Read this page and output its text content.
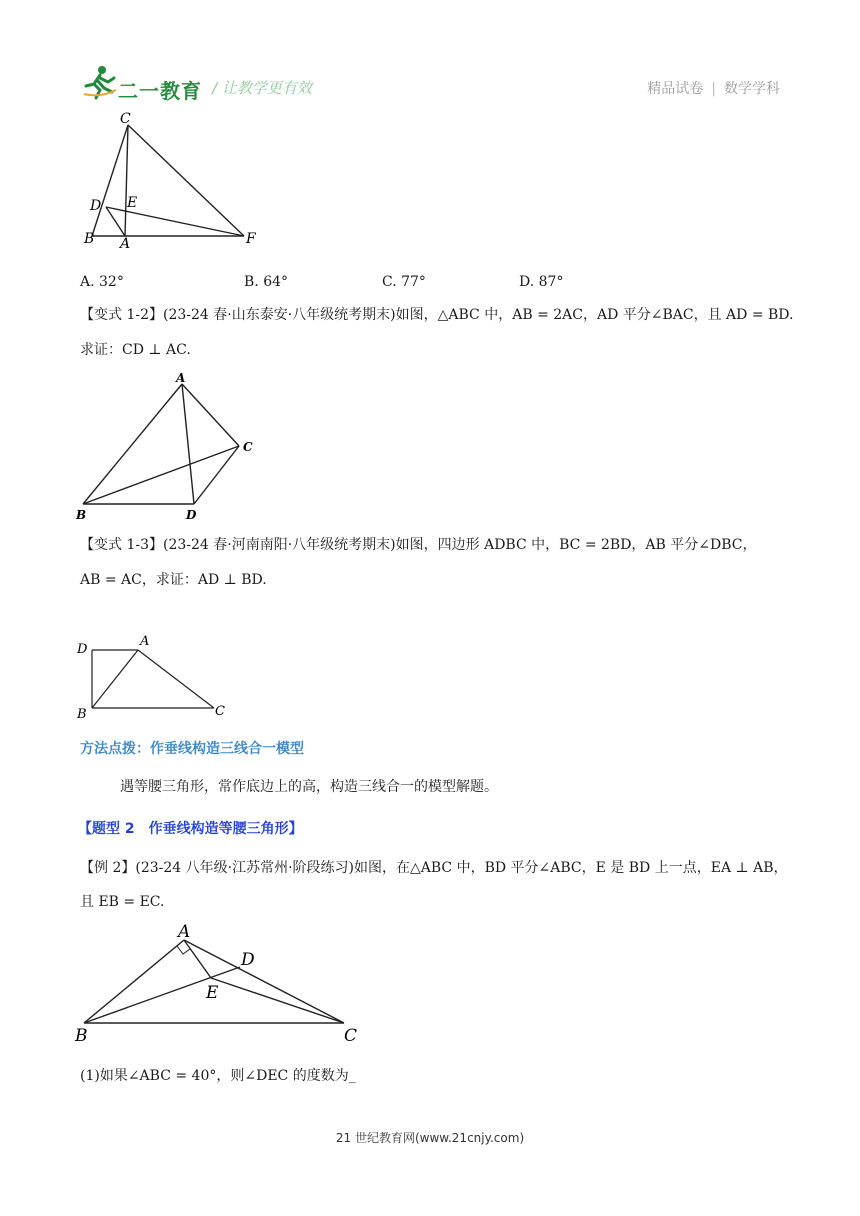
二一教育 / 让教学更有效	精品试卷 | 数学学科
C
D E
B A	F
A. 32°	B. 64°	C. 77°	D. 87°
【变式 1-2】(23-24 春·山东泰安·八年级统考期末)如图，△ABC 中，AB = 2AC，AD 平分∠BAC，且 AD = BD.
求证：CD ⊥ AC.
A
C
B	D
【变式 1-3】(23-24 春·河南南阳·八年级统考期末)如图，四边形 ADBC 中，BC = 2BD，AB 平分∠DBC，
AB = AC，求证：AD ⊥ BD.
D
A
B	C
方法点拨：作垂线构造三线合一模型
遇等腰三角形，常作底边上的高，构造三线合一的模型解题。
【题型 2　作垂线构造等腰三角形】
【例 2】(23-24 八年级·江苏常州·阶段练习)如图，在△ABC 中，BD 平分∠ABC，E 是 BD 上一点，EA ⊥ AB，
且 EB = EC.
A
D
E
B	C
(1)如果∠ABC = 40°，则∠DEC 的度数为_
21 世纪教育网(www.21cnjy.com)
